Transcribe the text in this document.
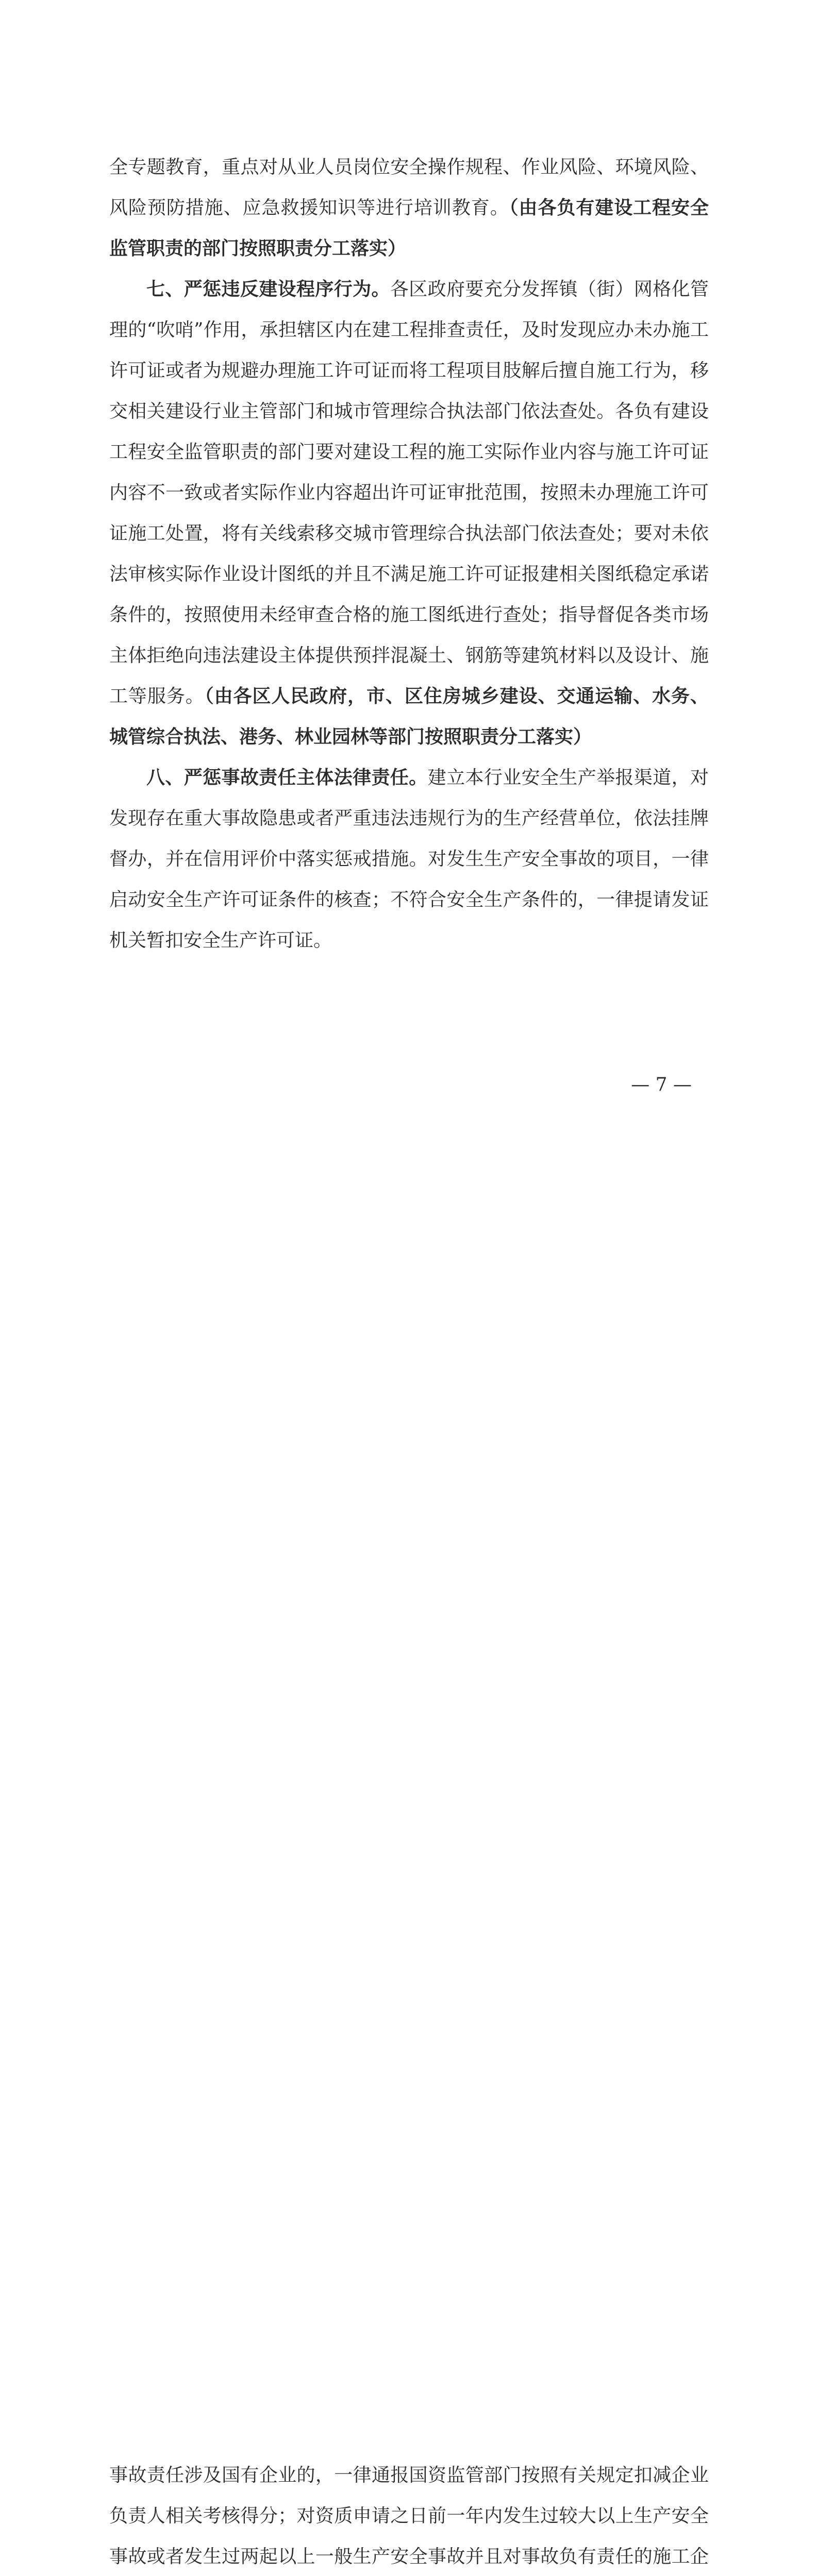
全专题教育，重点对从业人员岗位安全操作规程、作业风险、环境风险、风险预防措施、应急救援知识等进行培训教育。（由各负有建设工程安全监管职责的部门按照职责分工落实）

七、严惩违反建设程序行为。各区政府要充分发挥镇（街）网格化管理的“吹哨”作用，承担辖区内在建工程排查责任，及时发现应办未办施工许可证或者为规避办理施工许可证而将工程项目肢解后擅自施工行为，移交相关建设行业主管部门和城市管理综合执法部门依法查处。各负有建设工程安全监管职责的部门要对建设工程的施工实际作业内容与施工许可证内容不一致或者实际作业内容超出许可证审批范围，按照未办理施工许可证施工处置，将有关线索移交城市管理综合执法部门依法查处；要对未依法审核实际作业设计图纸的并且不满足施工许可证报建相关图纸稳定承诺条件的，按照使用未经审查合格的施工图纸进行查处；指导督促各类市场主体拒绝向违法建设主体提供预拌混凝土、钢筋等建筑材料以及设计、施工等服务。（由各区人民政府，市、区住房城乡建设、交通运输、水务、城管综合执法、港务、林业园林等部门按照职责分工落实）

八、严惩事故责任主体法律责任。建立本行业安全生产举报渠道，对发现存在重大事故隐患或者严重违法违规行为的生产经营单位，依法挂牌督办，并在信用评价中落实惩戒措施。对发生生产安全事故的项目，一律启动安全生产许可证条件的核查；不符合安全生产条件的，一律提请发证机关暂扣安全生产许可证。

— 7 —

事故责任涉及国有企业的，一律通报国资监管部门按照有关规定扣减企业负责人相关考核得分；对资质申请之日前一年内发生过较大以上生产安全事故或者发生过两起以上一般生产安全事故并且对事故负有责任的施工企
